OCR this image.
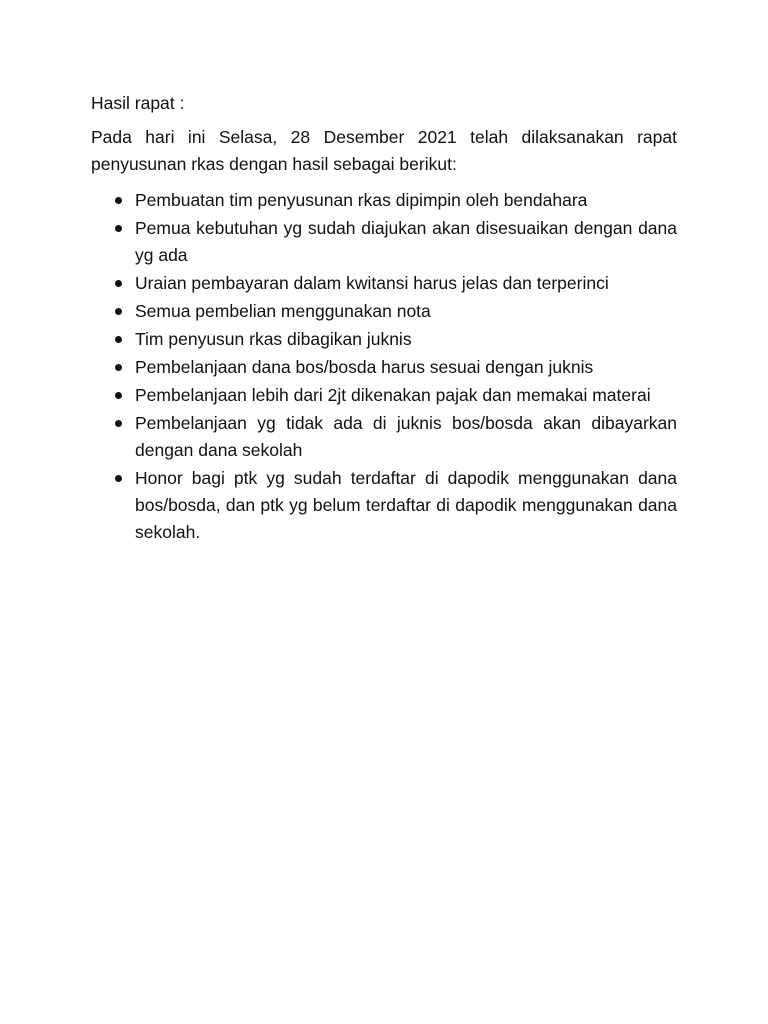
Hasil rapat :

Pada hari ini Selasa, 28 Desember 2021 telah dilaksanakan rapat penyusunan rkas dengan hasil sebagai berikut:

Pembuatan tim penyusunan rkas dipimpin oleh bendahara
Pemua kebutuhan yg sudah diajukan akan disesuaikan dengan dana yg ada
Uraian pembayaran dalam kwitansi harus jelas dan terperinci
Semua pembelian menggunakan nota
Tim penyusun rkas dibagikan juknis
Pembelanjaan dana bos/bosda harus sesuai dengan juknis
Pembelanjaan lebih dari 2jt dikenakan pajak dan memakai materai
Pembelanjaan yg tidak ada di juknis bos/bosda akan dibayarkan dengan dana sekolah
Honor bagi ptk yg sudah terdaftar di dapodik menggunakan dana bos/bosda, dan ptk yg belum terdaftar di dapodik menggunakan dana sekolah.
